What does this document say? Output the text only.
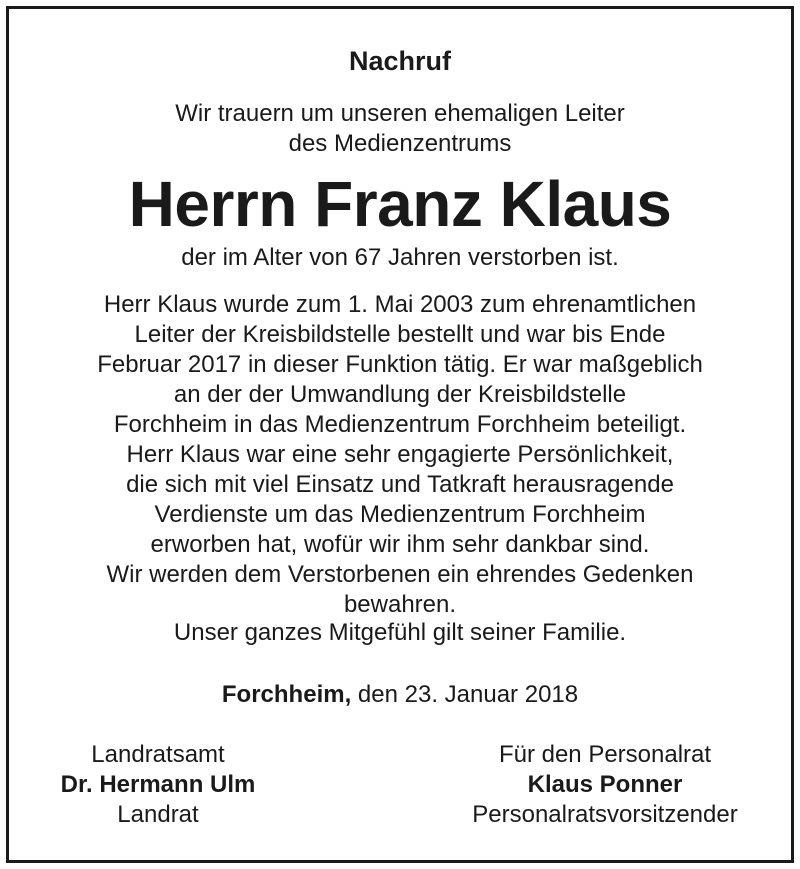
Nachruf
Wir trauern um unseren ehemaligen Leiter
des Medienzentrums
Herrn Franz Klaus
der im Alter von 67 Jahren verstorben ist.
Herr Klaus wurde zum 1. Mai 2003 zum ehrenamtlichen
Leiter der Kreisbildstelle bestellt und war bis Ende
Februar 2017 in dieser Funktion tätig. Er war maßgeblich
an der der Umwandlung der Kreisbildstelle
Forchheim in das Medienzentrum Forchheim beteiligt.
Herr Klaus war eine sehr engagierte Persönlichkeit,
die sich mit viel Einsatz und Tatkraft herausragende
Verdienste um das Medienzentrum Forchheim
erworben hat, wofür wir ihm sehr dankbar sind.
Wir werden dem Verstorbenen ein ehrendes Gedenken
bewahren.
Unser ganzes Mitgefühl gilt seiner Familie.
Forchheim, den 23. Januar 2018
Landratsamt
Dr. Hermann Ulm
Landrat
Für den Personalrat
Klaus Ponner
Personalratsvorsitzender
